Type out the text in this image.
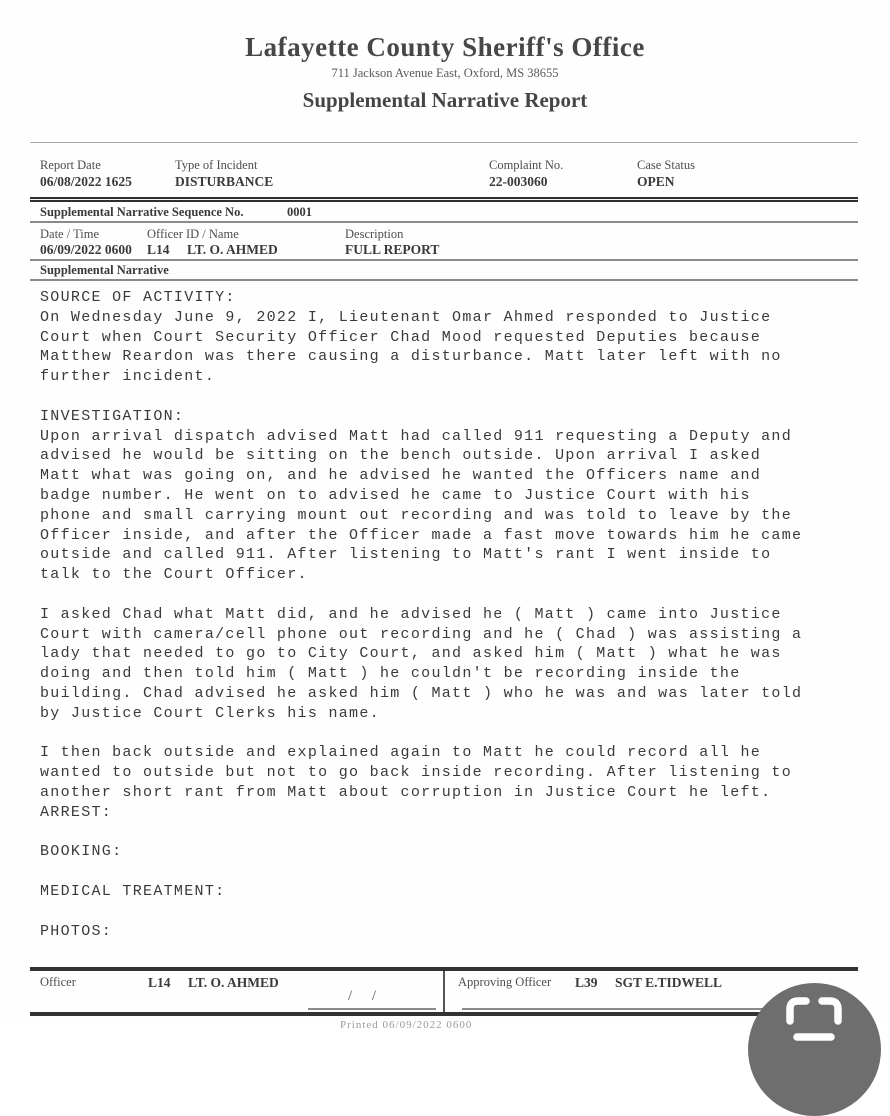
Lafayette County Sheriff's Office
711 Jackson Avenue East, Oxford, MS 38655
Supplemental Narrative Report
Report Date
06/08/2022 1625
Type of Incident
DISTURBANCE
Complaint No.
22-003060
Case Status
OPEN
Supplemental Narrative Sequence No.	0001
Date / Time
06/09/2022 0600
Officer ID / Name
L14 LT. O. AHMED
Description
FULL REPORT
Supplemental Narrative
SOURCE OF ACTIVITY:
On Wednesday June 9, 2022 I, Lieutenant Omar Ahmed responded to Justice
Court when Court Security Officer Chad Mood requested Deputies because
Matthew Reardon was there causing a disturbance. Matt later left with no
further incident.
INVESTIGATION:
Upon arrival dispatch advised Matt had called 911 requesting a Deputy and
advised he would be sitting on the bench outside. Upon arrival I asked
Matt what was going on, and he advised he wanted the Officers name and
badge number. He went on to advised he came to Justice Court with his
phone and small carrying mount out recording and was told to leave by the
Officer inside, and after the Officer made a fast move towards him he came
outside and called 911. After listening to Matt's rant I went inside to
talk to the Court Officer.
I asked Chad what Matt did, and he advised he ( Matt ) came into Justice
Court with camera/cell phone out recording and he ( Chad ) was assisting a
lady that needed to go to City Court, and asked him ( Matt ) what he was
doing and then told him ( Matt ) he couldn't be recording inside the
building. Chad advised he asked him ( Matt ) who he was and was later told
by Justice Court Clerks his name.
I then back outside and explained again to Matt he could record all he
wanted to outside but not to go back inside recording. After listening to
another short rant from Matt about corruption in Justice Court he left.
ARREST:
BOOKING:
MEDICAL TREATMENT:
PHOTOS:
Officer	L14 LT. O. AHMED	Approving Officer L39 SGT E.TIDWELL
/ /
Printed 06/09/2022 0600
